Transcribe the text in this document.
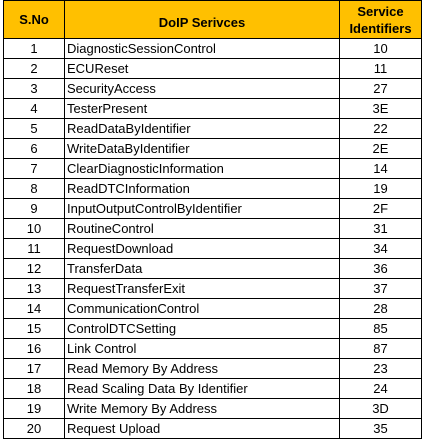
S.No	DoIP Serivces	Service
Identifiers
1	DiagnosticSessionControl	10
2	ECUReset	11
3	SecurityAccess	27
4	TesterPresent	3E
5	ReadDataByIdentifier	22
6	WriteDataByIdentifier	2E
7	ClearDiagnosticInformation	14
8	ReadDTCInformation	19
9	InputOutputControlByIdentifier	2F
10	RoutineControl	31
11	RequestDownload	34
12	TransferData	36
13	RequestTransferExit	37
14	CommunicationControl	28
15	ControlDTCSetting	85
16	Link Control	87
17	Read Memory By Address	23
18	Read Scaling Data By Identifier	24
19	Write Memory By Address	3D
20	Request Upload	35
